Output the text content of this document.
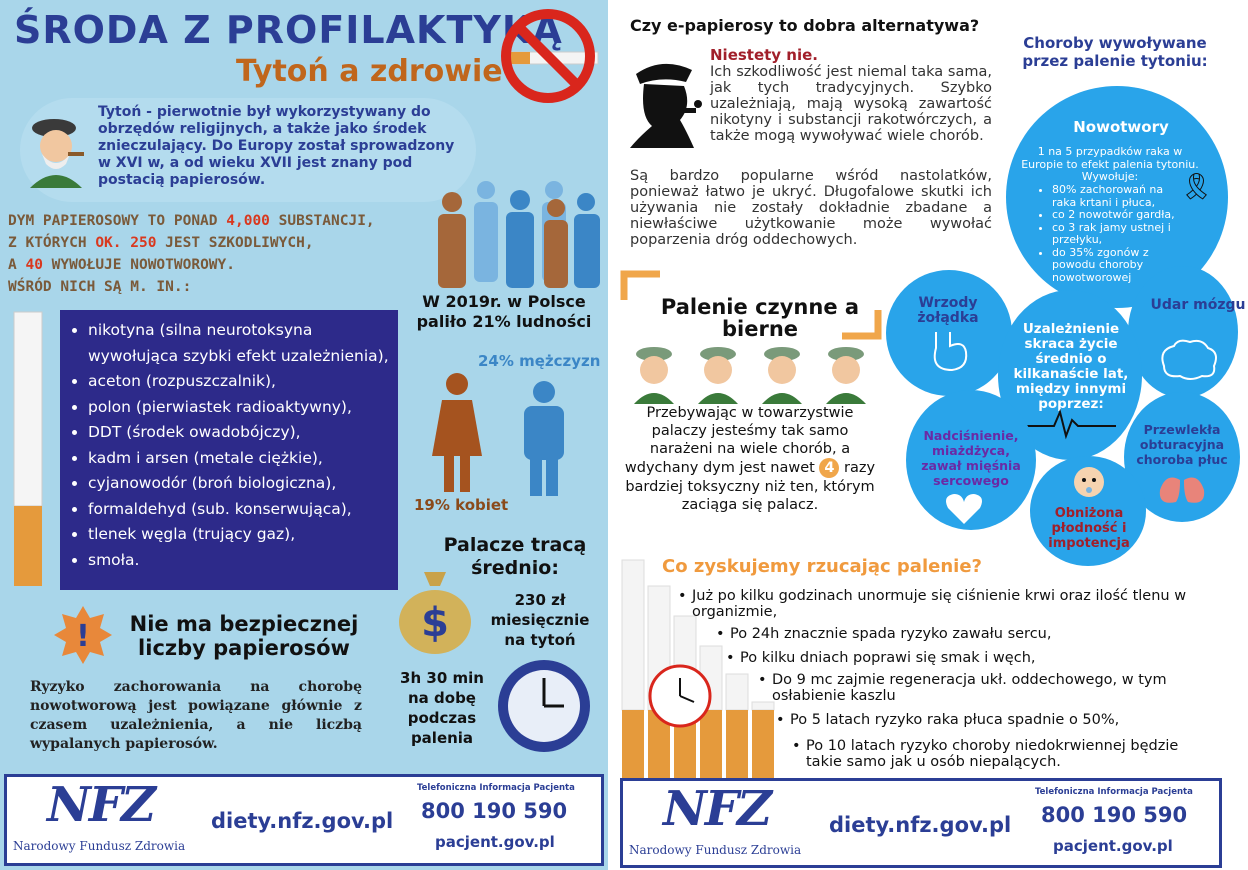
ŚRODA Z PROFILAKTYKĄ
Tytoń a zdrowie
Tytoń - pierwotnie był wykorzystywany do obrzędów religijnych, a także jako środek znieczulający. Do Europy został sprowadzony w XVI w, a od wieku XVII jest znany pod postacią papierosów.
DYM PAPIEROSOWY TO PONAD 4,000 SUBSTANCJI,
Z KTÓRYCH OK. 250 JEST SZKODLIWYCH,
A 40 WYWOŁUJE NOWOTWOROWY.
WŚRÓD NICH SĄ M. IN.:
• nikotyna (silna neurotoksyna wywołująca szybki efekt uzależnienia),
• aceton (rozpuszczalnik),
• polon (pierwiastek radioaktywny),
• DDT (środek owadobójczy),
• kadm i arsen (metale ciężkie),
• cyjanowodór (broń biologiczna),
• formaldehyd (sub. konserwująca),
• tlenek węgla (trujący gaz),
• smoła.
W 2019r. w Polsce paliło 21% ludności
24% mężczyzn
19% kobiet
Palacze tracą średnio:
$	230 zł miesięcznie na tytoń
3h 30 min na dobę podczas palenia
!	Nie ma bezpiecznej liczby papierosów
Ryzyko zachorowania na chorobę nowotworową jest powiązane głównie z czasem uzależnienia, a nie liczbą wypalanych papierosów.
NFZ
Narodowy Fundusz Zdrowia
diety.nfz.gov.pl
Telefoniczna Informacja Pacjenta
800 190 590
pacjent.gov.pl
Czy e-papierosy to dobra alternatywa?
Niestety nie.
Ich szkodliwość jest niemal taka sama, jak tych tradycyjnych. Szybko uzależniają, mają wysoką zawartość nikotyny i substancji rakotwórczych, a także mogą wywoływać wiele chorób.
Są bardzo popularne wśród nastolatków, ponieważ łatwo je ukryć. Długofalowe skutki ich używania nie zostały dokładnie zbadane a niewłaściwe użytkowanie może wywołać poparzenia dróg oddechowych.
Choroby wywoływane przez palenie tytoniu:
Nowotwory
1 na 5 przypadków raka w Europie to efekt palenia tytoniu. Wywołuje:
• 80% zachorowań na raka krtani i płuca,
• co 2 nowotwór gardła,
• co 3 rak jamy ustnej i przełyku,
• do 35% zgonów z powodu choroby nowotworowej
🎗
Wrzody żołądka
Udar mózgu
Uzależnienie skraca życie średnio o kilkanaście lat, między innymi poprzez:
Nadciśnienie, miażdżyca, zawał mięśnia sercowego
Przewlekła obturacyjna choroba płuc
Obniżona płodność i impotencja
Palenie czynne a bierne
Przebywając w towarzystwie palaczy jesteśmy tak samo narażeni na wiele chorób, a wdychany dym jest nawet 4 razy bardziej toksyczny niż ten, którym zaciąga się palacz.
Co zyskujemy rzucając palenie?
• Już po kilku godzinach unormuje się ciśnienie krwi oraz ilość tlenu w organizmie,
• Po 24h znacznie spada ryzyko zawału sercu,
• Po kilku dniach poprawi się smak i węch,
• Do 9 mc zajmie regeneracja ukł. oddechowego, w tym osłabienie kaszlu
• Po 5 latach ryzyko raka płuca spadnie o 50%,
• Po 10 latach ryzyko choroby niedokrwiennej będzie takie samo jak u osób niepalących.
NFZ
Narodowy Fundusz Zdrowia
diety.nfz.gov.pl
Telefoniczna Informacja Pacjenta
800 190 590
pacjent.gov.pl
